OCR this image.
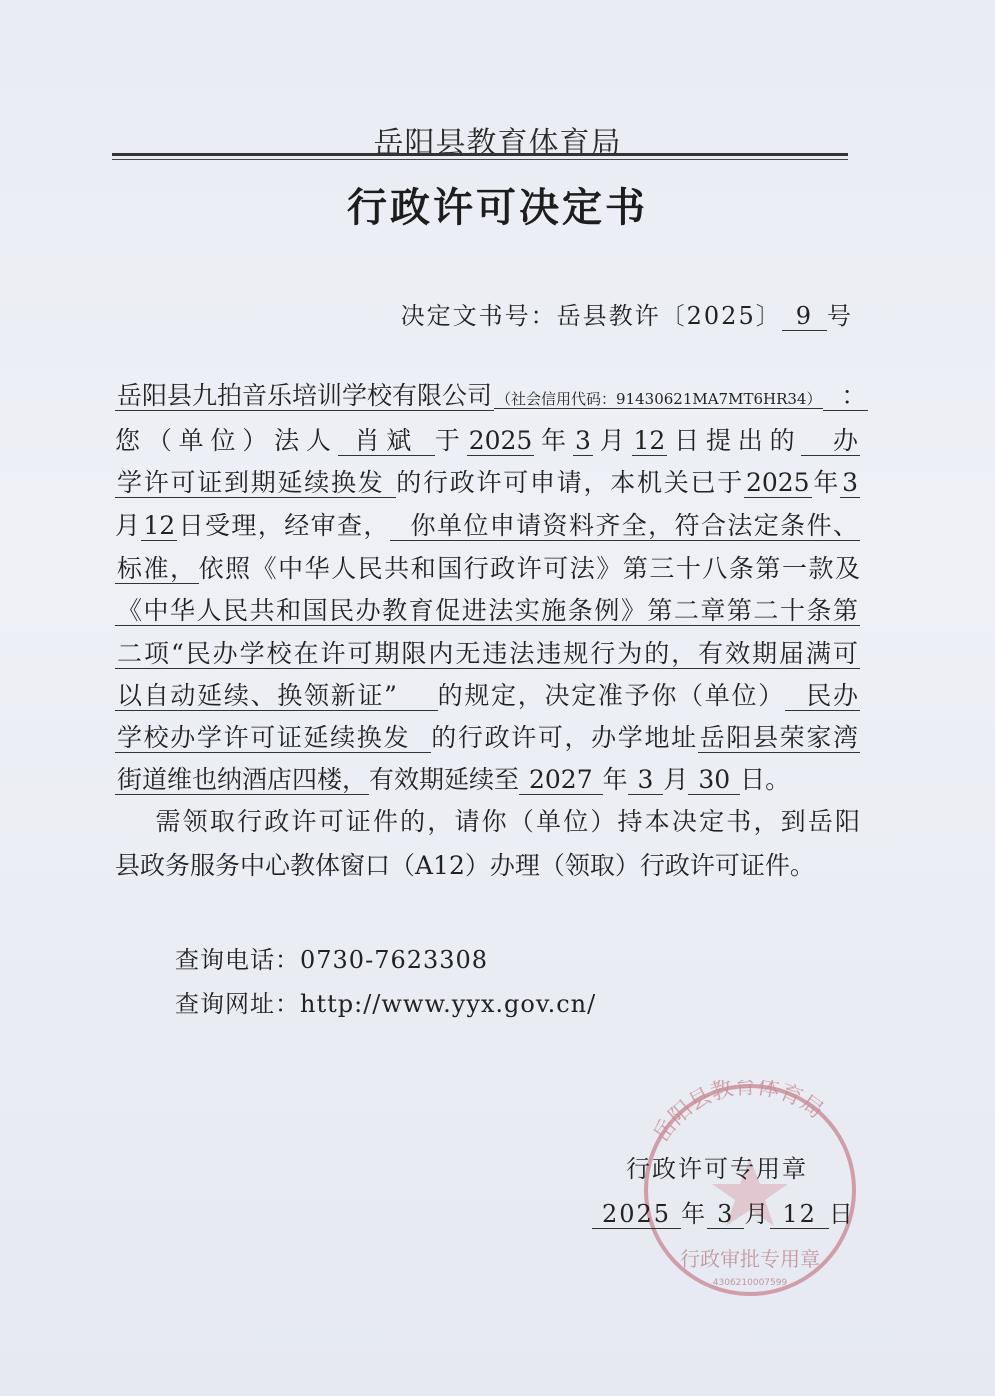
岳阳县教育体育局
行政许可决定书
决定文书号：岳县教许〔2025〕 9 号
岳阳县九拍音乐培训学校有限公司 （社会信用代码：91430621MA7MT6HR34）  ：
您（单位）法人 肖斌 于2025年3月12日提出的  办
学许可证到期延续换发 的行政许可申请，本机关已于2025年3
月12日受理，经审查，  你单位申请资料齐全，符合法定条件、
标准，依照《中华人民共和国行政许可法》第三十八条第一款及
《中华人民共和国民办教育促进法实施条例》第二章第二十条第
二项“民办学校在许可期限内无违法违规行为的，有效期届满可
以自动延续、换领新证”    的规定，决定准予你（单位）  民办
学校办学许可证延续换发  的行政许可，办学地址岳阳县荣家湾
街道维也纳酒店四楼，有效期延续至 2027 年 3 月 30 日。
需领取行政许可证件的，请你（单位）持本决定书，到岳阳
县政务服务中心教体窗口（A12）办理（领取）行政许可证件。
查询电话：0730-7623308
查询网址：http://www.yyx.gov.cn/
岳阳县教育体育局
行政审批专用章
4306210007599
行政许可专用章
2025 年 3 月 12 日
